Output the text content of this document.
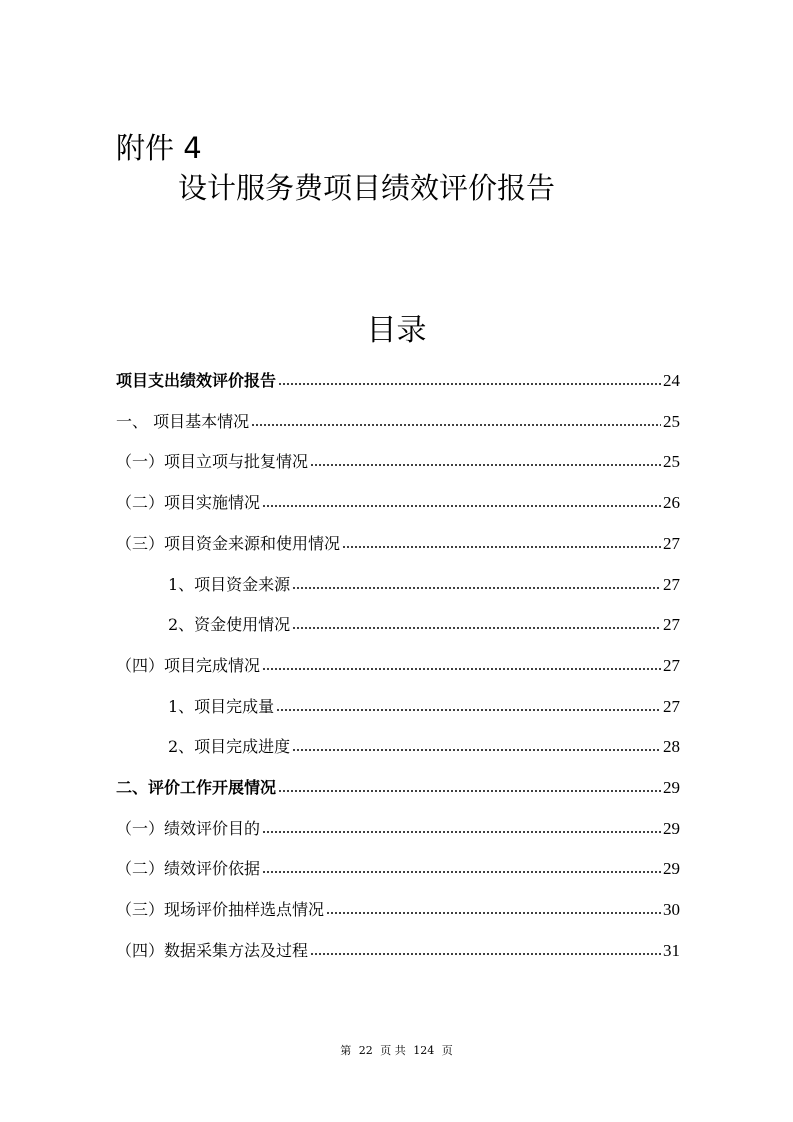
附件 4
设计服务费项目绩效评价报告
目录
项目支出绩效评价报告	24
一、 项目基本情况	25
（一）项目立项与批复情况	25
（二）项目实施情况	26
（三）项目资金来源和使用情况	27
1、项目资金来源	27
2、资金使用情况	27
（四）项目完成情况	27
1、项目完成量	27
2、项目完成进度	28
二、评价工作开展情况	29
（一）绩效评价目的	29
（二）绩效评价依据	29
（三）现场评价抽样选点情况	30
（四）数据采集方法及过程	31
第 22 页 共 124 页
